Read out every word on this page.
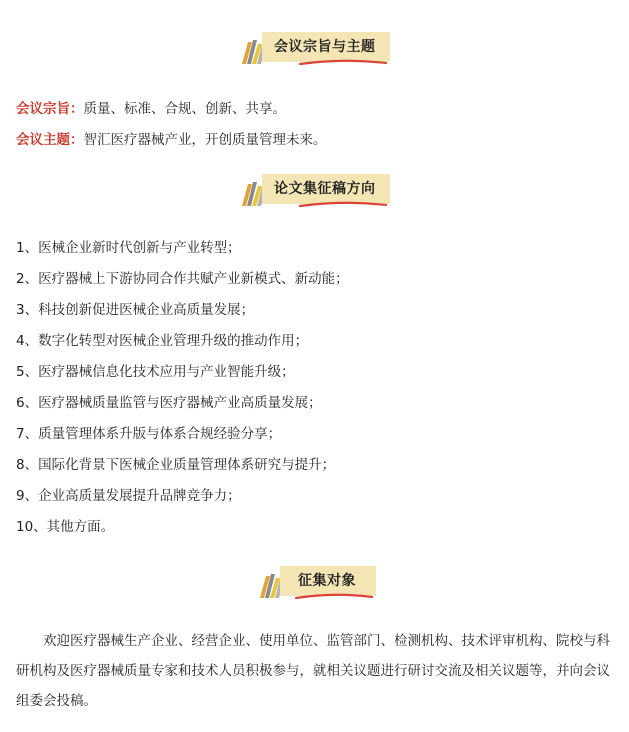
会议宗旨与主题
会议宗旨：质量、标准、合规、创新、共享。
会议主题：智汇医疗器械产业，开创质量管理未来。
论文集征稿方向
1、医械企业新时代创新与产业转型；
2、医疗器械上下游协同合作共赋产业新模式、新动能；
3、科技创新促进医械企业高质量发展；
4、数字化转型对医械企业管理升级的推动作用；
5、医疗器械信息化技术应用与产业智能升级；
6、医疗器械质量监管与医疗器械产业高质量发展；
7、质量管理体系升版与体系合规经验分享；
8、国际化背景下医械企业质量管理体系研究与提升；
9、企业高质量发展提升品牌竞争力；
10、其他方面。
征集对象

欢迎医疗器械生产企业、经营企业、使用单位、监管部门、检测机构、技术评审机构、院校与科研机构及医疗器械质量专家和技术人员积极参与，就相关议题进行研讨交流及相关议题等，并向会议组委会投稿。
